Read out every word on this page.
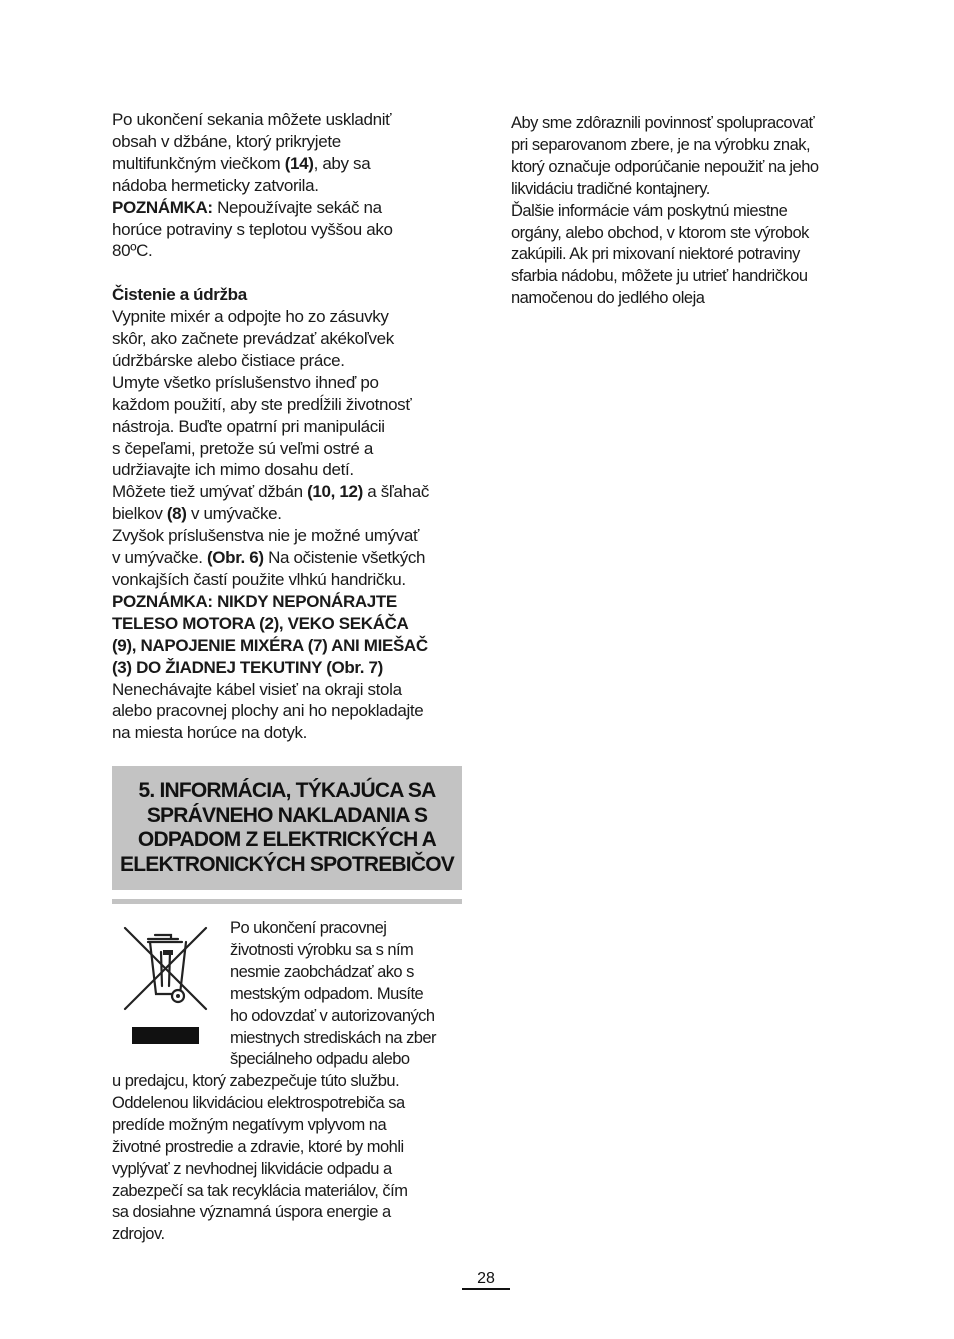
Po ukončení sekania môžete uskladniť

obsah v džbáne, ktorý prikryjete

multifunkčným viečkom (14), aby sa

nádoba hermeticky zatvorila.

POZNÁMKA: Nepoužívajte sekáč na

horúce potraviny s teplotou vyššou ako

80ºC.

Čistenie a údržba

Vypnite mixér a odpojte ho zo zásuvky

skôr, ako začnete prevádzať akékoľvek

údržbárske alebo čistiace práce.

Umyte všetko príslušenstvo ihneď po

každom použití, aby ste predĺžili životnosť

nástroja. Buďte opatrní pri manipulácii

s čepeľami, pretože sú veľmi ostré a

udržiavajte ich mimo dosahu detí.

Môžete tiež umývať džbán (10, 12) a šľahač

bielkov (8) v umývačke.

Zvyšok príslušenstva nie je možné umývať

v umývačke. (Obr. 6) Na očistenie všetkých

vonkajších častí použite vlhkú handričku.

POZNÁMKA: NIKDY NEPONÁRAJTE

TELESO MOTORA (2), VEKO SEKÁČA

(9), NAPOJENIE MIXÉRA (7) ANI MIEŠAČ

(3) DO ŽIADNEJ TEKUTINY (Obr. 7)

Nenechávajte kábel visieť na okraji stola

alebo pracovnej plochy ani ho nepokladajte

na miesta horúce na dotyk.

5. INFORMÁCIA, TÝKAJÚCA SA
SPRÁVNEHO NAKLADANIA S
ODPADOM Z ELEKTRICKÝCH A
ELEKTRONICKÝCH SPOTREBIČOV

Po ukončení pracovnej

životnosti výrobku sa s ním

nesmie zaobchádzať ako s

mestským odpadom. Musíte

ho odovzdať v autorizovaných

miestnych strediskách na zber

špeciálneho odpadu alebo

u predajcu, ktorý zabezpečuje túto službu.

Oddelenou likvidáciou elektrospotrebiča sa

predíde možným negatívym vplyvom na

životné prostredie a zdravie, ktoré by mohli

vyplývať z nevhodnej likvidácie odpadu a

zabezpečí sa tak recyklácia materiálov, čím

sa dosiahne významná úspora energie a

zdrojov.

Aby sme zdôraznili povinnosť spolupracovať

pri separovanom zbere, je na výrobku znak,

ktorý označuje odporúčanie nepoužiť na jeho

likvidáciu tradičné kontajnery.

Ďalšie informácie vám poskytnú miestne

orgány, alebo obchod, v ktorom ste výrobok

zakúpili. Ak pri mixovaní niektoré potraviny

sfarbia nádobu, môžete ju utrieť handričkou

namočenou do jedlého oleja

28
